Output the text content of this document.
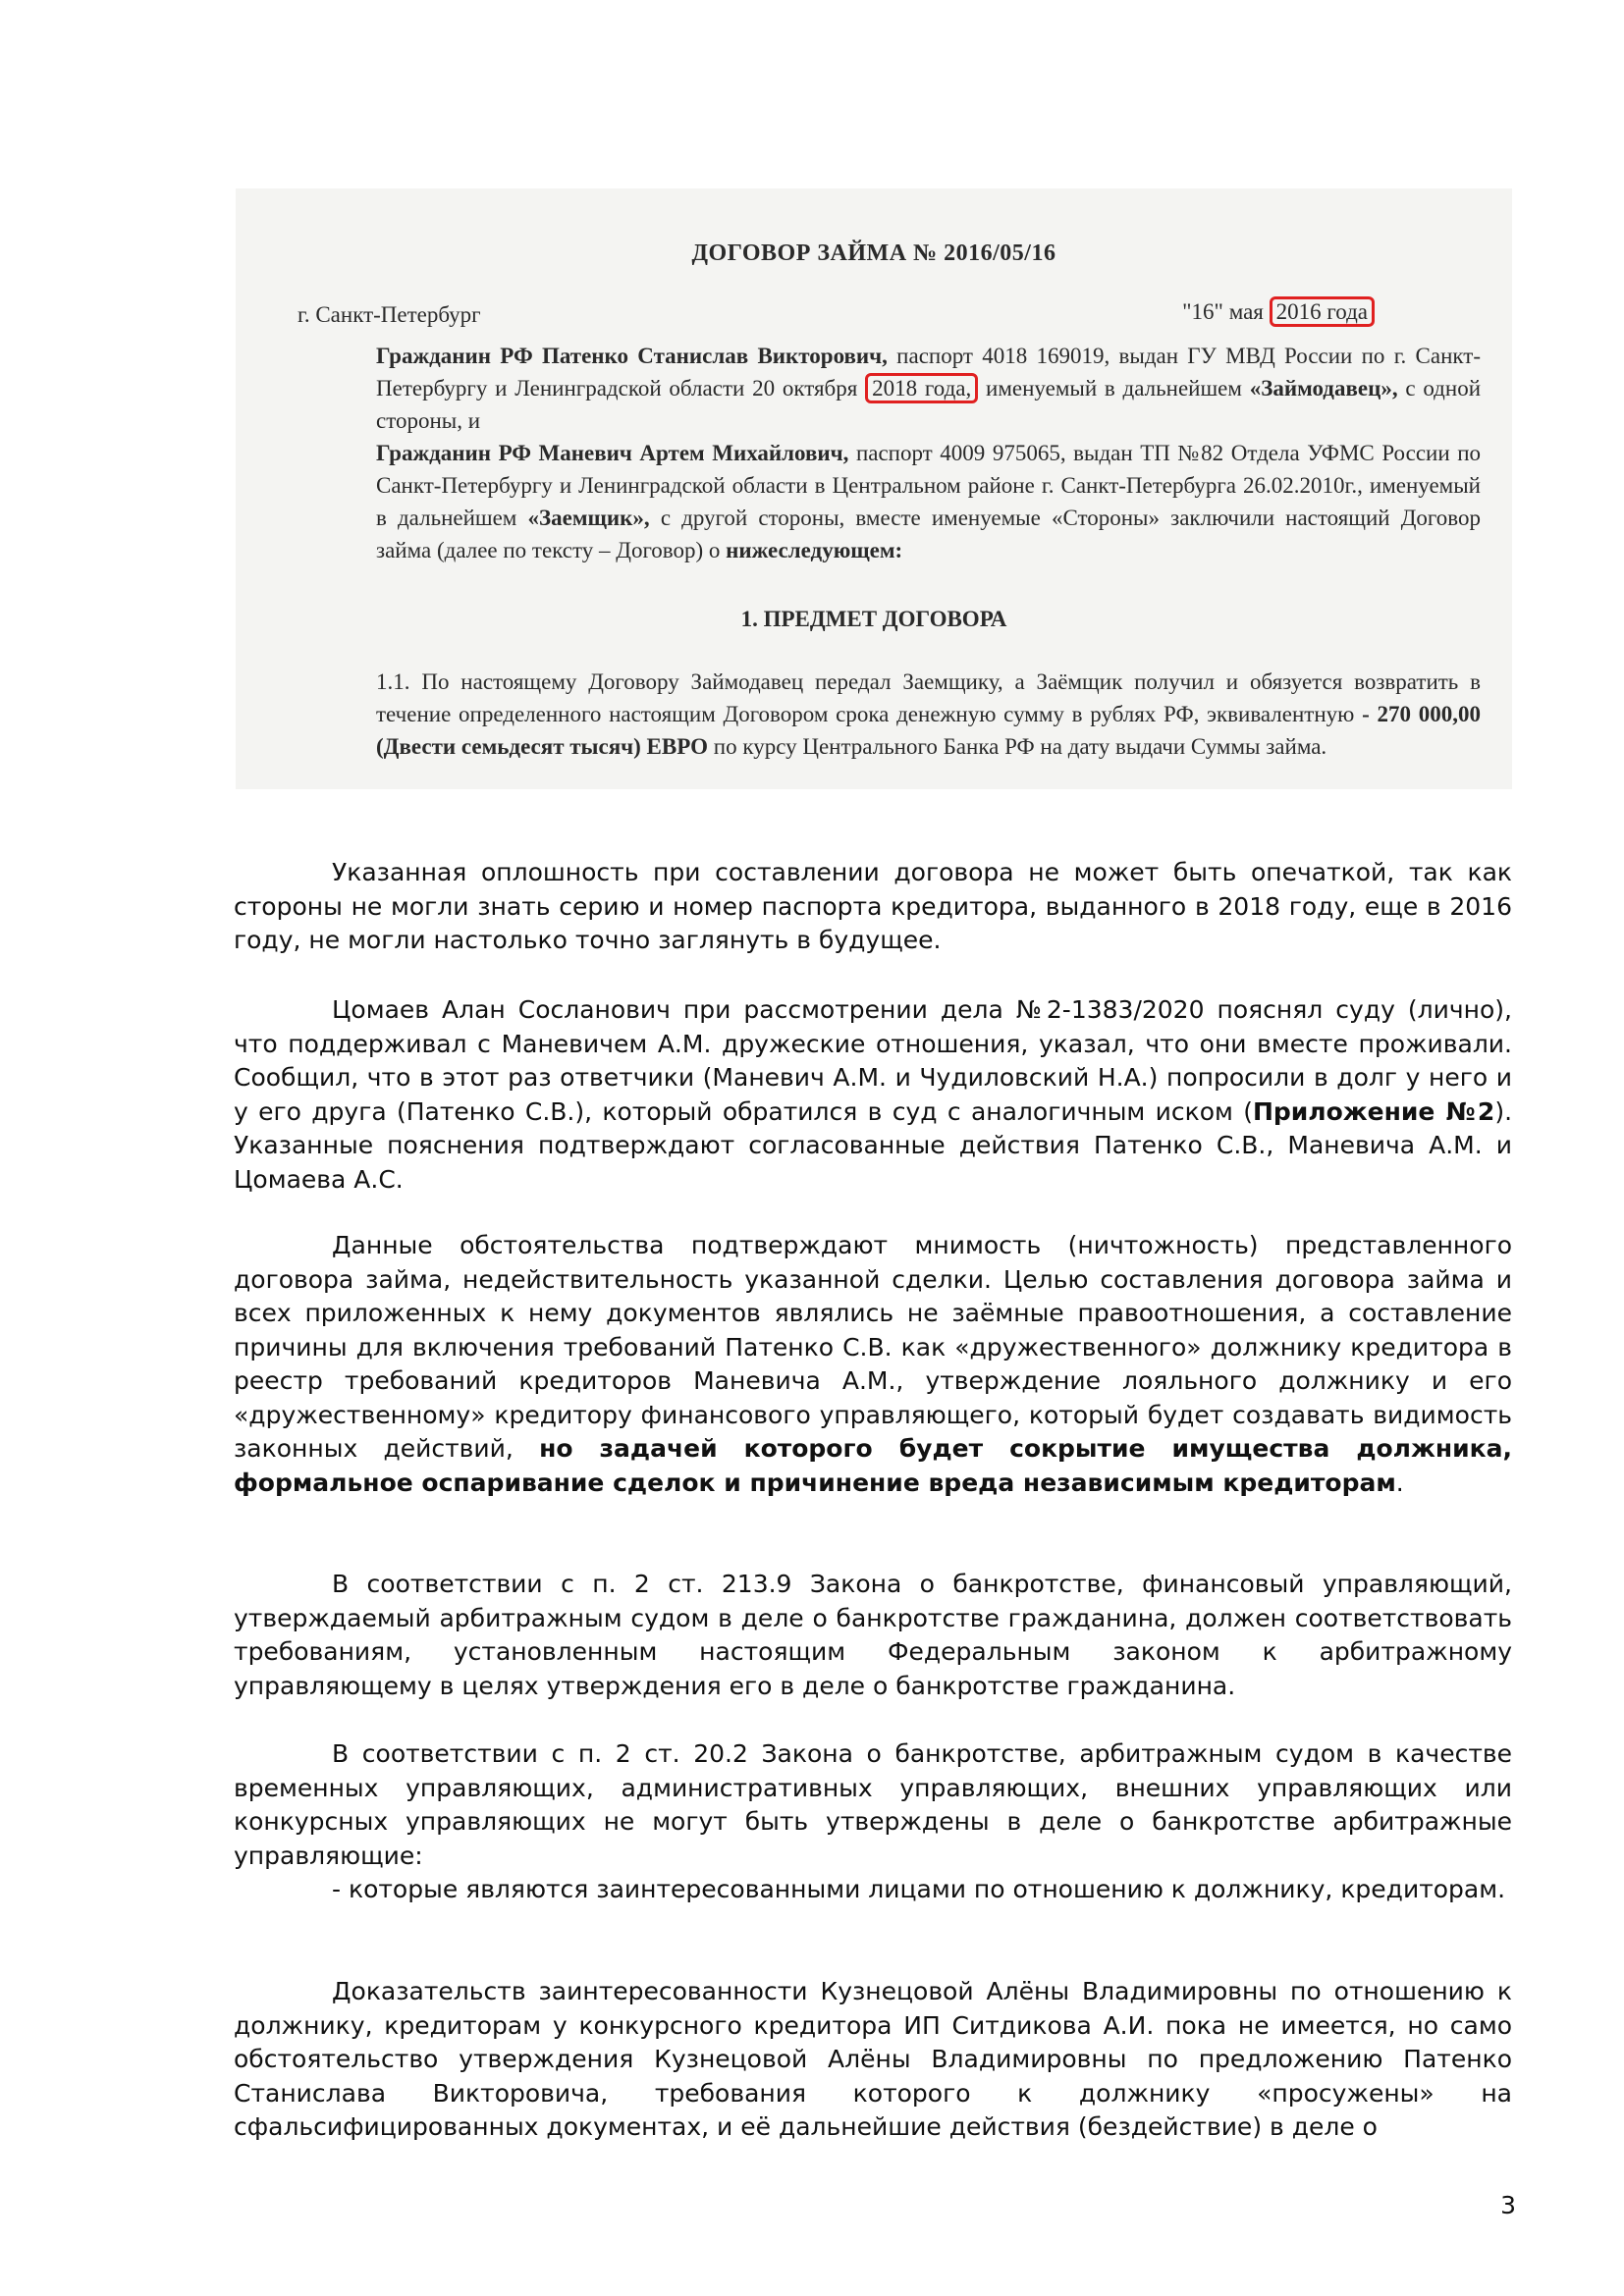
ДОГОВОР ЗАЙМА № 2016/05/16
г. Санкт-Петербург	"16" мая 2016 года
Гражданин РФ Патенко Станислав Викторович, паспорт 4018 169019, выдан ГУ МВД России по г. Санкт-Петербургу и Ленинградской области 20 октября 2018 года, именуемый в дальнейшем «Займодавец», с одной стороны, и
Гражданин РФ Маневич Артем Михайлович, паспорт 4009 975065, выдан ТП №82 Отдела УФМС России по Санкт-Петербургу и Ленинградской области в Центральном районе г. Санкт-Петербурга 26.02.2010г., именуемый в дальнейшем «Заемщик», с другой стороны, вместе именуемые «Стороны» заключили настоящий Договор займа (далее по тексту – Договор) о нижеследующем:
1. ПРЕДМЕТ ДОГОВОРА
1.1. По настоящему Договору Займодавец передал Заемщику, а Заёмщик получил и обязуется возвратить в течение определенного настоящим Договором срока денежную сумму в рублях РФ, эквивалентную - 270 000,00 (Двести семьдесят тысяч) ЕВРО по курсу Центрального Банка РФ на дату выдачи Суммы займа.

Указанная оплошность при составлении договора не может быть опечаткой, так как стороны не могли знать серию и номер паспорта кредитора, выданного в 2018 году, еще в 2016 году, не могли настолько точно заглянуть в будущее.

Цомаев Алан Сосланович при рассмотрении дела №2-1383/2020 пояснял суду (лично), что поддерживал с Маневичем А.М. дружеские отношения, указал, что они вместе проживали. Сообщил, что в этот раз ответчики (Маневич А.М. и Чудиловский Н.А.) попросили в долг у него и у его друга (Патенко С.В.), который обратился в суд с аналогичным иском (Приложение №2). Указанные пояснения подтверждают согласованные действия Патенко С.В., Маневича А.М. и Цомаева А.С.

Данные обстоятельства подтверждают мнимость (ничтожность) представленного договора займа, недействительность указанной сделки. Целью составления договора займа и всех приложенных к нему документов являлись не заёмные правоотношения, а составление причины для включения требований Патенко С.В. как «дружественного» должнику кредитора в реестр требований кредиторов Маневича А.М., утверждение лояльного должнику и его «дружественному» кредитору финансового управляющего, который будет создавать видимость законных действий, но задачей которого будет сокрытие имущества должника, формальное оспаривание сделок и причинение вреда независимым кредиторам.

В соответствии с п. 2 ст. 213.9 Закона о банкротстве, финансовый управляющий, утверждаемый арбитражным судом в деле о банкротстве гражданина, должен соответствовать требованиям, установленным настоящим Федеральным законом к арбитражному управляющему в целях утверждения его в деле о банкротстве гражданина.

В соответствии с п. 2 ст. 20.2 Закона о банкротстве, арбитражным судом в качестве временных управляющих, административных управляющих, внешних управляющих или конкурсных управляющих не могут быть утверждены в деле о банкротстве арбитражные управляющие:

- которые являются заинтересованными лицами по отношению к должнику, кредиторам.

Доказательств заинтересованности Кузнецовой Алёны Владимировны по отношению к должнику, кредиторам у конкурсного кредитора ИП Ситдикова А.И. пока не имеется, но само обстоятельство утверждения Кузнецовой Алёны Владимировны по предложению Патенко Станислава Викторовича, требования которого к должнику «просужены» на сфальсифицированных документах, и её дальнейшие действия (бездействие) в деле о

3
